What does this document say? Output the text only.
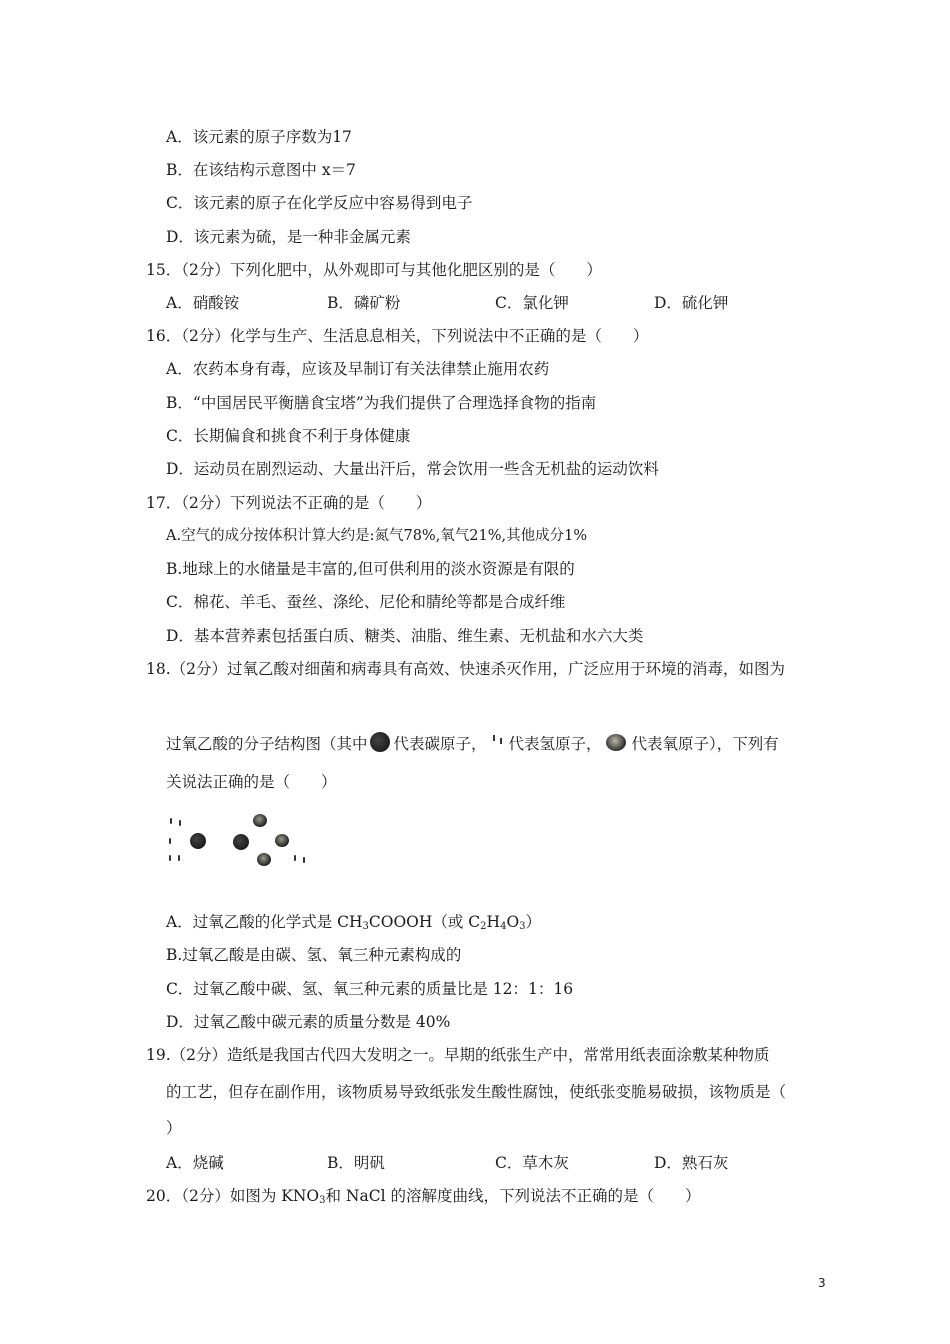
A．该元素的原子序数为17
B．在该结构示意图中 x＝7
C．该元素的原子在化学反应中容易得到电子
D．该元素为硫，是一种非金属元素
15．（2分）下列化肥中，从外观即可与其他化肥区别的是（　　）
A．硝酸铵	B．磷矿粉	C．氯化钾	D．硫化钾
16．（2分）化学与生产、生活息息相关，下列说法中不正确的是（　　）
A．农药本身有毒，应该及早制订有关法律禁止施用农药
B．“中国居民平衡膳食宝塔”为我们提供了合理选择食物的指南
C．长期偏食和挑食不利于身体健康
D．运动员在剧烈运动、大量出汗后，常会饮用一些含无机盐的运动饮料
17．（2分）下列说法不正确的是（　　）
A.空气的成分按体积计算大约是:氮气78%,氧气21%,其他成分1%
B.地球上的水储量是丰富的,但可供利用的淡水资源是有限的
C．棉花、羊毛、蚕丝、涤纶、尼伦和腈纶等都是合成纤维
D．基本营养素包括蛋白质、糖类、油脂、维生素、无机盐和水六大类
18.（2分）过氧乙酸对细菌和病毒具有高效、快速杀灭作用，广泛应用于环境的消毒，如图为
过氧乙酸的分子结构图（其中 代表碳原子， 代表氢原子， 代表氧原子），下列有
关说法正确的是（　　）
A．过氧乙酸的化学式是 $CH_3COOOH$（或 $C_2H_4O_3$）
B.过氧乙酸是由碳、氢、氧三种元素构成的
C．过氧乙酸中碳、氢、氧三种元素的质量比是 12：1：16
D．过氧乙酸中碳元素的质量分数是 40%
19.（2分）造纸是我国古代四大发明之一。早期的纸张生产中，常常用纸表面涂敷某种物质
的工艺，但存在副作用，该物质易导致纸张发生酸性腐蚀，使纸张变脆易破损，该物质是（
）
A．烧碱	B．明矾	C．草木灰	D．熟石灰
20．（2分）如图为 $KNO_3$和 NaCl 的溶解度曲线，下列说法不正确的是（　　）
3
